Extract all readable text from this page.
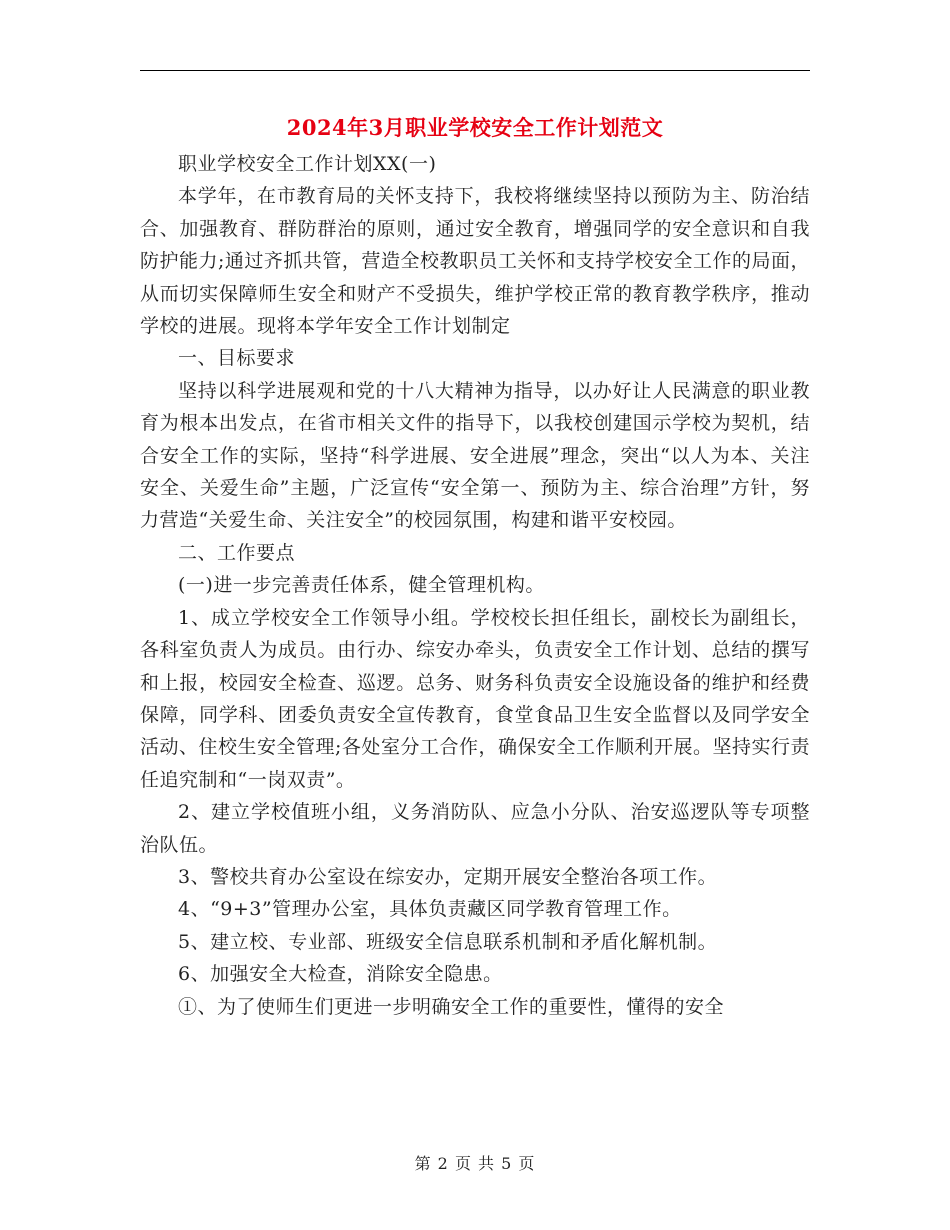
2024年3月职业学校安全工作计划范文

职业学校安全工作计划XX(一)

本学年，在市教育局的关怀支持下，我校将继续坚持以预防为主、防治结合、加强教育、群防群治的原则，通过安全教育，增强同学的安全意识和自我防护能力;通过齐抓共管，营造全校教职员工关怀和支持学校安全工作的局面，从而切实保障师生安全和财产不受损失，维护学校正常的教育教学秩序，推动学校的进展。现将本学年安全工作计划制定

一、目标要求

坚持以科学进展观和党的十八大精神为指导，以办好让人民满意的职业教育为根本出发点，在省市相关文件的指导下，以我校创建国示学校为契机，结合安全工作的实际，坚持“科学进展、安全进展”理念，突出“以人为本、关注安全、关爱生命”主题，广泛宣传“安全第一、预防为主、综合治理”方针，努力营造“关爱生命、关注安全”的校园氛围，构建和谐平安校园。

二、工作要点

(一)进一步完善责任体系，健全管理机构。

1、成立学校安全工作领导小组。学校校长担任组长，副校长为副组长，各科室负责人为成员。由行办、综安办牵头，负责安全工作计划、总结的撰写和上报，校园安全检查、巡逻。总务、财务科负责安全设施设备的维护和经费保障，同学科、团委负责安全宣传教育，食堂食品卫生安全监督以及同学安全活动、住校生安全管理;各处室分工合作，确保安全工作顺利开展。坚持实行责任追究制和“一岗双责”。

2、建立学校值班小组，义务消防队、应急小分队、治安巡逻队等专项整治队伍。

3、警校共育办公室设在综安办，定期开展安全整治各项工作。

4、“9+3”管理办公室，具体负责藏区同学教育管理工作。

5、建立校、专业部、班级安全信息联系机制和矛盾化解机制。

6、加强安全大检查，消除安全隐患。

①、为了使师生们更进一步明确安全工作的重要性，懂得的安全

第 2 页 共 5 页
